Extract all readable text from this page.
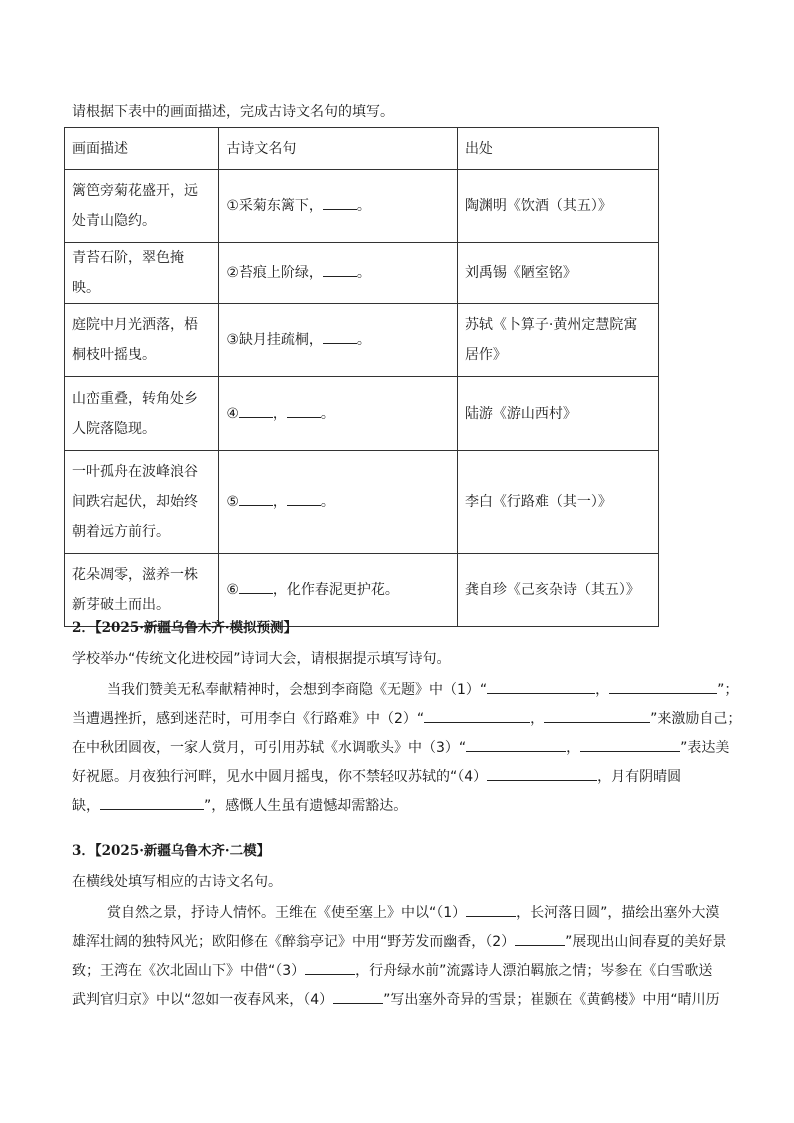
请根据下表中的画面描述，完成古诗文名句的填写。
画面描述	古诗文名句	出处
篱笆旁菊花盛开，远处青山隐约。	①采菊东篱下， 。	陶渊明《饮酒（其五）》
青苔石阶，翠色掩映。	②苔痕上阶绿， 。	刘禹锡《陋室铭》
庭院中月光洒落，梧桐枝叶摇曳。	③缺月挂疏桐， 。	苏轼《卜算子·黄州定慧院寓居作》
山峦重叠，转角处乡人院落隐现。	④ ， 。	陆游《游山西村》
一叶孤舟在波峰浪谷间跌宕起伏，却始终朝着远方前行。	⑤ ， 。	李白《行路难（其一）》
花朵凋零，滋养一株新芽破土而出。	⑥ ，化作春泥更护花。	龚自珍《己亥杂诗（其五）》
2．【2025·新疆乌鲁木齐·模拟预测】
学校举办“传统文化进校园”诗词大会，请根据提示填写诗句。
当我们赞美无私奉献精神时，会想到李商隐《无题》中（1）“	，	”；
当遭遇挫折，感到迷茫时，可用李白《行路难》中（2）“	，	”来激励自己；
在中秋团圆夜，一家人赏月，可引用苏轼《水调歌头》中（3）“	，	”表达美
好祝愿。月夜独行河畔，见水中圆月摇曳，你不禁轻叹苏轼的“（4）	，月有阴晴圆
缺，	”，感慨人生虽有遗憾却需豁达。
3．【2025·新疆乌鲁木齐·二模】
在横线处填写相应的古诗文名句。
赏自然之景，抒诗人情怀。王维在《使至塞上》中以“（1）	，长河落日圆”，描绘出塞外大漠
雄浑壮阔的独特风光；欧阳修在《醉翁亭记》中用“野芳发而幽香，（2）	”展现出山间春夏的美好景
致；王湾在《次北固山下》中借“（3）	，行舟绿水前”流露诗人漂泊羁旅之情；岑参在《白雪歌送
武判官归京》中以“忽如一夜春风来，（4）	”写出塞外奇异的雪景；崔颢在《黄鹤楼》中用“晴川历
